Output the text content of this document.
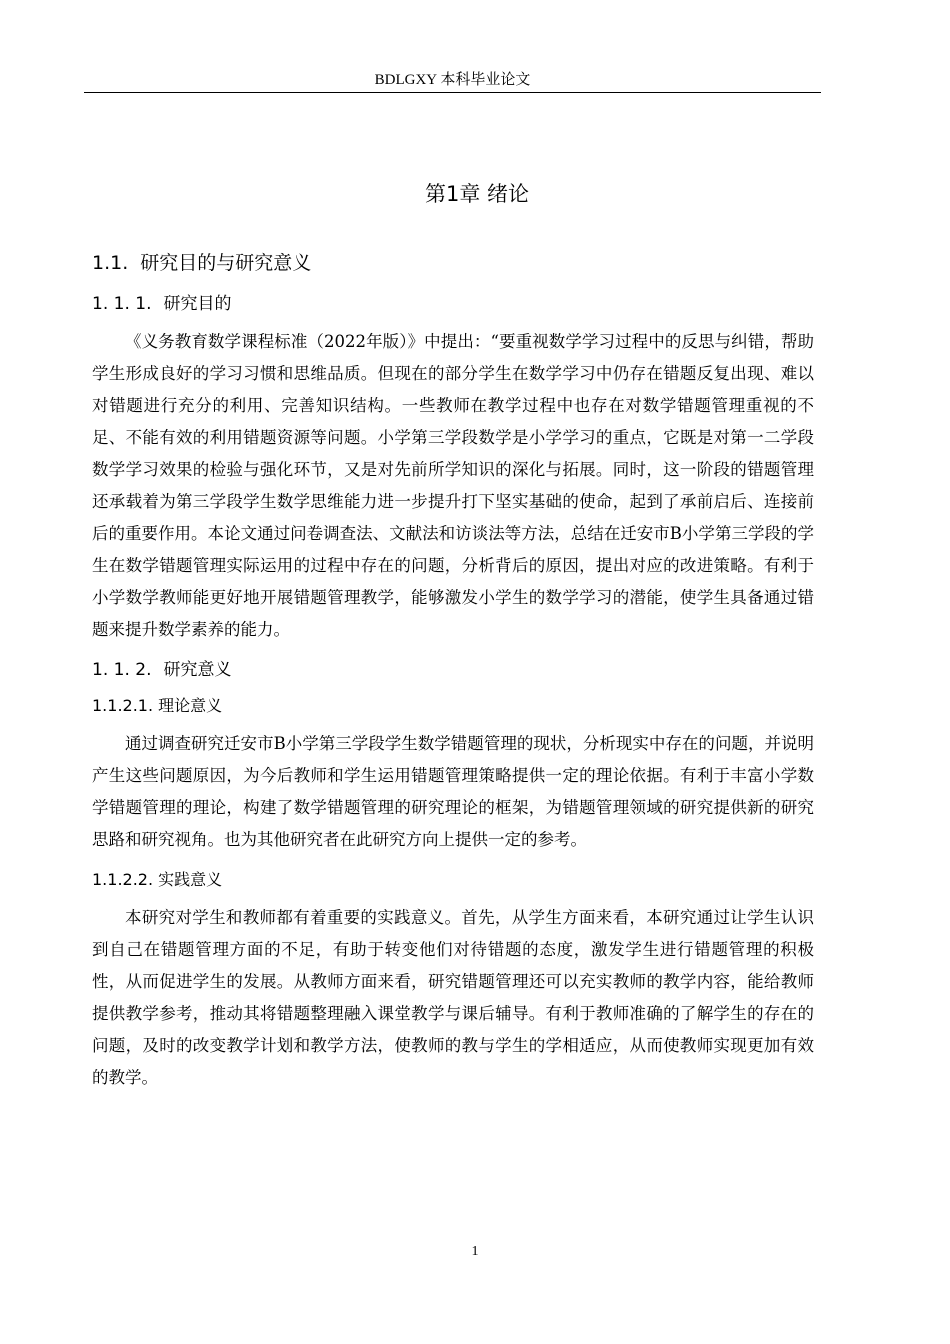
BDLGXY 本科毕业论文
第1章 绪论
1.1. 研究目的与研究意义
1. 1. 1. 研究目的

《义务教育数学课程标准（2022年版）》中提出：“要重视数学学习过程中的反思与纠错，帮助学生形成良好的学习习惯和思维品质。但现在的部分学生在数学学习中仍存在错题反复出现、难以对错题进行充分的利用、完善知识结构。一些教师在教学过程中也存在对数学错题管理重视的不足、不能有效的利用错题资源等问题。小学第三学段数学是小学学习的重点，它既是对第一二学段数学学习效果的检验与强化环节，又是对先前所学知识的深化与拓展。同时，这一阶段的错题管理还承载着为第三学段学生数学思维能力进一步提升打下坚实基础的使命，起到了承前启后、连接前后的重要作用。本论文通过问卷调查法、文献法和访谈法等方法，总结在迁安市B小学第三学段的学生在数学错题管理实际运用的过程中存在的问题，分析背后的原因，提出对应的改进策略。有利于小学数学教师能更好地开展错题管理教学，能够激发小学生的数学学习的潜能，使学生具备通过错题来提升数学素养的能力。

1. 1. 2. 研究意义
1.1.2.1. 理论意义

通过调查研究迁安市B小学第三学段学生数学错题管理的现状，分析现实中存在的问题，并说明产生这些问题原因，为今后教师和学生运用错题管理策略提供一定的理论依据。有利于丰富小学数学错题管理的理论，构建了数学错题管理的研究理论的框架，为错题管理领域的研究提供新的研究思路和研究视角。也为其他研究者在此研究方向上提供一定的参考。

1.1.2.2. 实践意义

本研究对学生和教师都有着重要的实践意义。首先，从学生方面来看，本研究通过让学生认识到自己在错题管理方面的不足，有助于转变他们对待错题的态度，激发学生进行错题管理的积极性，从而促进学生的发展。从教师方面来看，研究错题管理还可以充实教师的教学内容，能给教师提供教学参考，推动其将错题整理融入课堂教学与课后辅导。有利于教师准确的了解学生的存在的问题，及时的改变教学计划和教学方法，使教师的教与学生的学相适应，从而使教师实现更加有效的教学。

1
